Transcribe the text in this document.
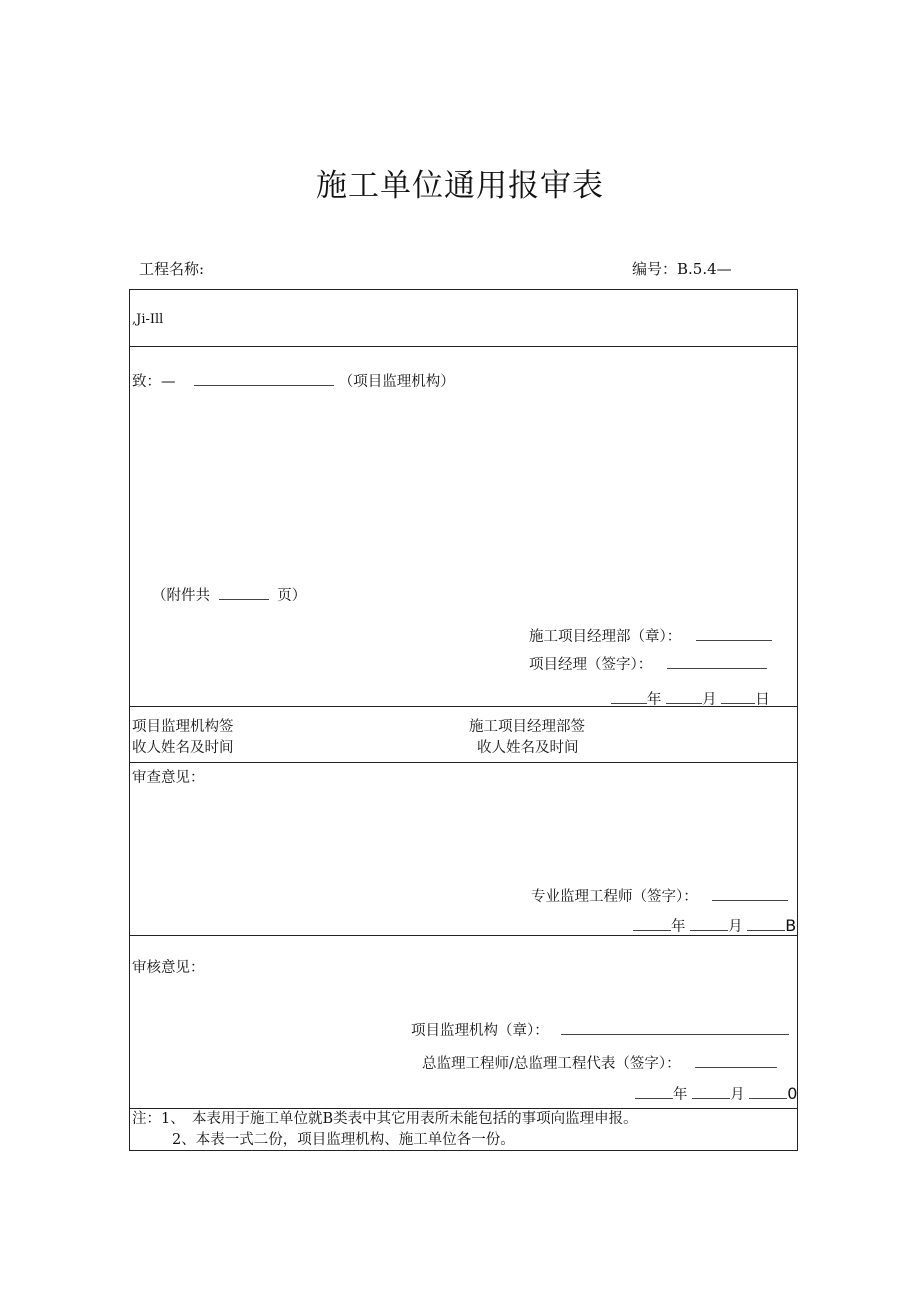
施工单位通用报审表
工程名称:	编号：B.5.4—
,Ji-Ill
致：—	（项目监理机构）
（附件共	页）
施工项目经理部（章）：
项目经理（签字）：
年	月	日
项目监理机构签
收人姓名及时间
施工项目经理部签
收人姓名及时间
审查意见：
专业监理工程师（签字）：
年	月	B
审核意见：
项目监理机构（章）：
总监理工程师/总监理工程代表（签字）：
年	月	0
注：1、　本表用于施工单位就B类表中其它用表所未能包括的事项向监理申报。
2、本表一式二份，项目监理机构、施工单位各一份。
